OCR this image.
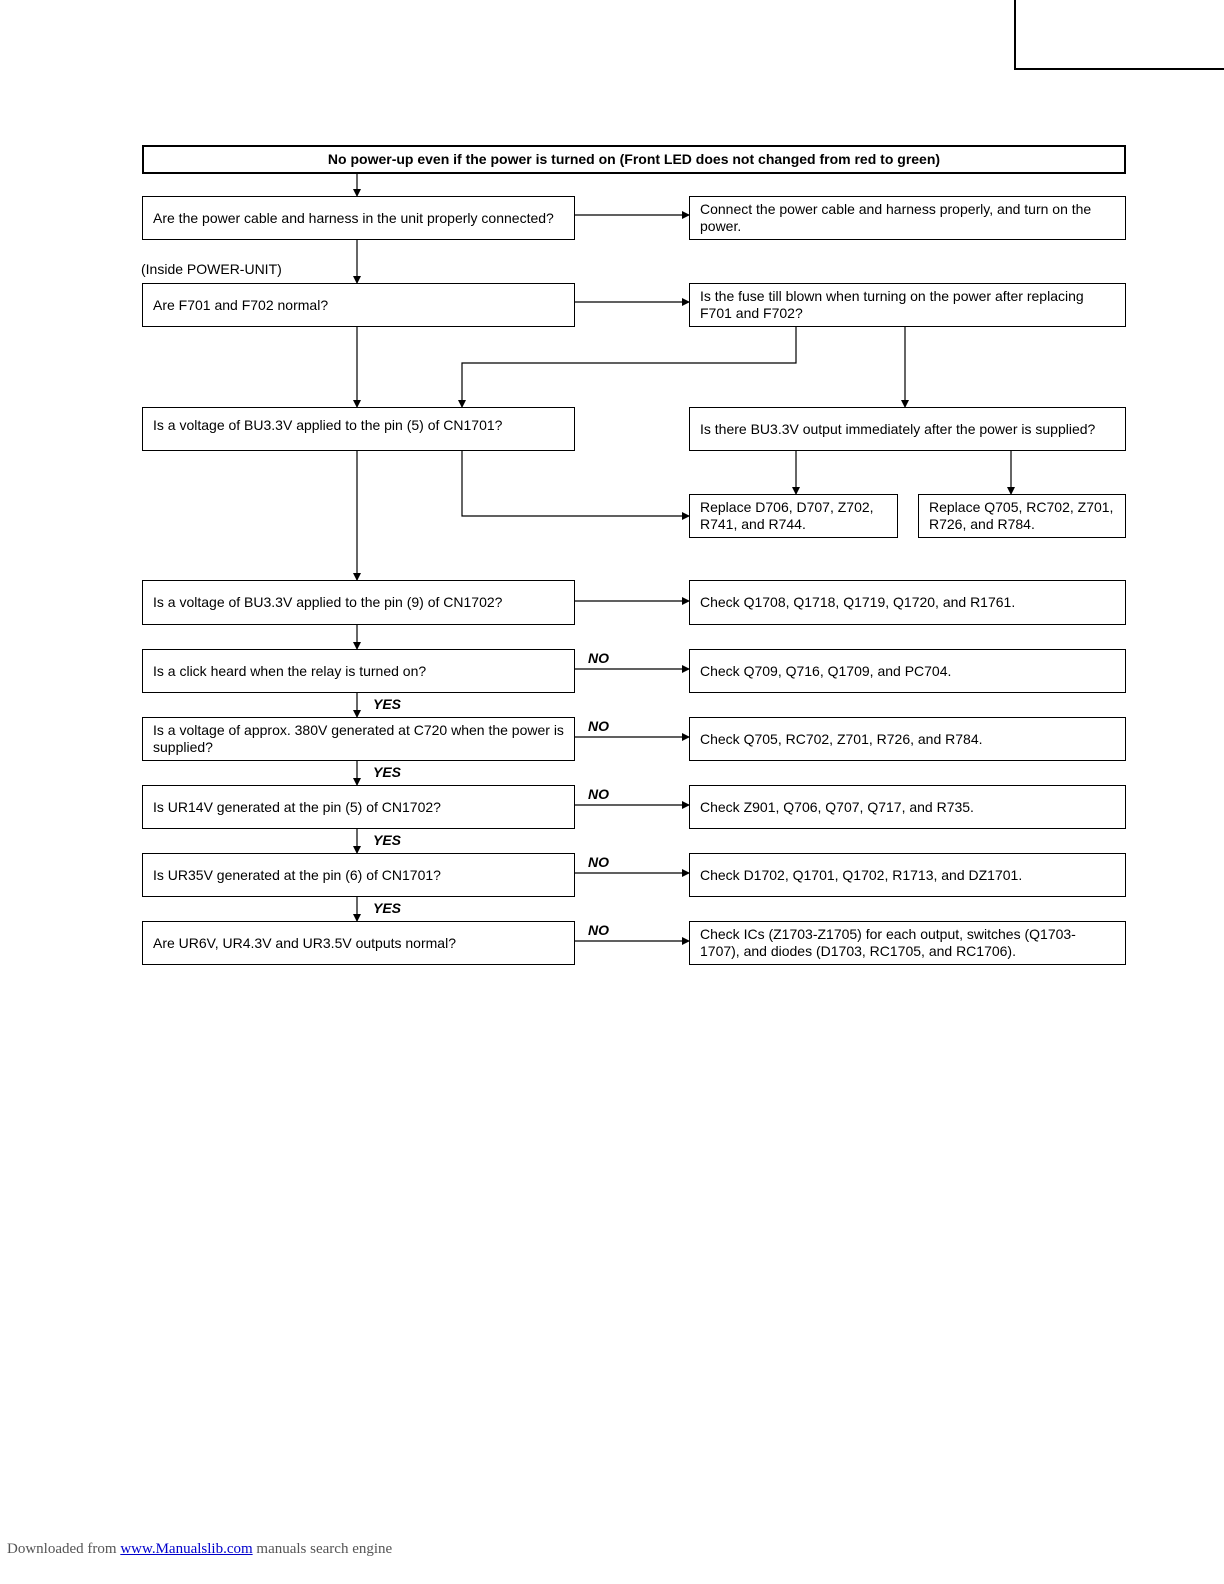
No power-up even if the power is turned on (Front LED does not changed from red to green)
(Inside POWER-UNIT)
Are the power cable and harness in the unit properly connected?
Are F701 and F702 normal?
Is a voltage of BU3.3V applied to the pin (5) of CN1701?
Is a voltage of BU3.3V applied to the pin (9) of CN1702?
Is a click heard when the relay is turned on?
Is a voltage of approx. 380V generated at C720 when the power is supplied?
Is UR14V generated at the pin (5) of CN1702?
Is UR35V generated at the pin (6) of CN1701?
Are UR6V, UR4.3V and UR3.5V outputs normal?
Connect the power cable and harness properly, and turn on the power.
Is the fuse till blown when turning on the power after replacing F701 and F702?
Is there BU3.3V output immediately after the power is supplied?
Replace D706, D707, Z702, R741, and R744.
Replace Q705, RC702, Z701, R726, and R784.
Check Q1708, Q1718, Q1719, Q1720, and R1761.
Check Q709, Q716, Q1709, and PC704.
Check Q705, RC702, Z701, R726, and R784.
Check Z901, Q706, Q707, Q717, and R735.
Check D1702, Q1701, Q1702, R1713, and DZ1701.
Check ICs (Z1703-Z1705) for each output, switches (Q1703-1707), and diodes (D1703, RC1705, and RC1706).
NO
NO
NO
NO
NO
YES
YES
YES
YES
Downloaded from www.Manualslib.com manuals search engine
